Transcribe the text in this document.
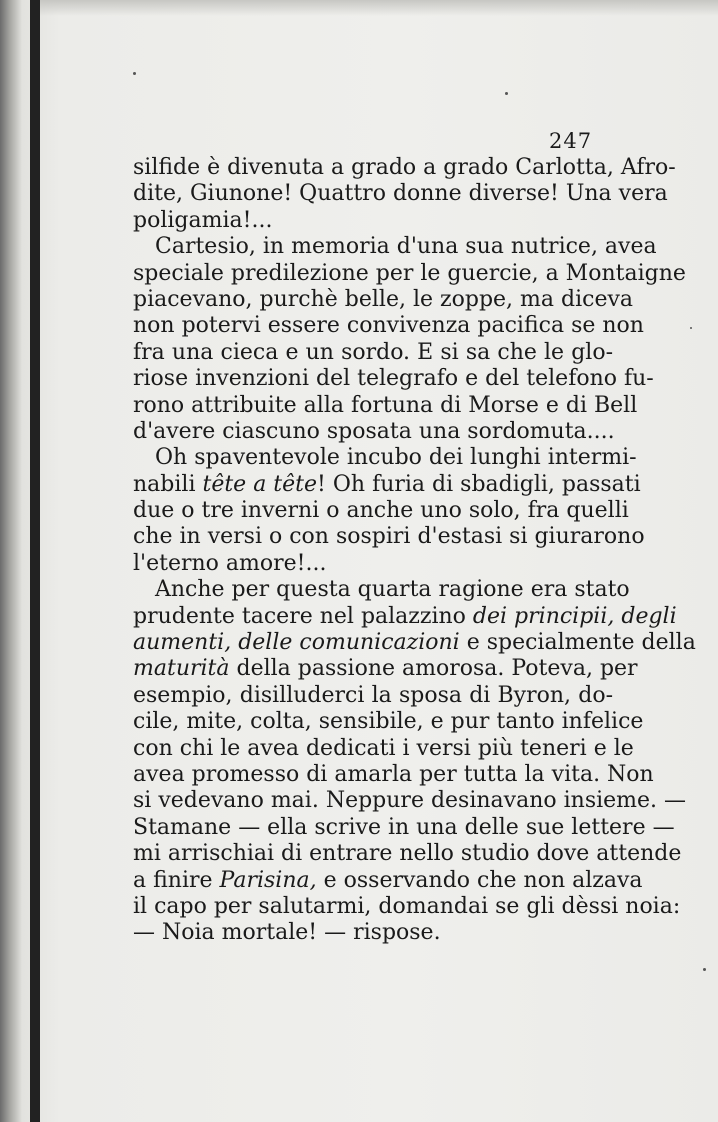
247
silfide è divenuta a grado a grado Carlotta, Afro-
dite, Giunone! Quattro donne diverse! Una vera
poligamia!...
Cartesio, in memoria d'una sua nutrice, avea
speciale predilezione per le guercie, a Montaigne
piacevano, purchè belle, le zoppe, ma diceva
non potervi essere convivenza pacifica se non
fra una cieca e un sordo. E si sa che le glo-
riose invenzioni del telegrafo e del telefono fu-
rono attribuite alla fortuna di Morse e di Bell
d'avere ciascuno sposata una sordomuta....
Oh spaventevole incubo dei lunghi intermi-
nabili tête a tête! Oh furia di sbadigli, passati
due o tre inverni o anche uno solo, fra quelli
che in versi o con sospiri d'estasi si giurarono
l'eterno amore!...
Anche per questa quarta ragione era stato
prudente tacere nel palazzino dei principii, degli
aumenti, delle comunicazioni e specialmente della
maturità della passione amorosa. Poteva, per
esempio, disilluderci la sposa di Byron, do-
cile, mite, colta, sensibile, e pur tanto infelice
con chi le avea dedicati i versi più teneri e le
avea promesso di amarla per tutta la vita. Non
si vedevano mai. Neppure desinavano insieme. —
Stamane — ella scrive in una delle sue lettere —
mi arrischiai di entrare nello studio dove attende
a finire Parisina, e osservando che non alzava
il capo per salutarmi, domandai se gli dèssi noia:
— Noia mortale! — rispose.
